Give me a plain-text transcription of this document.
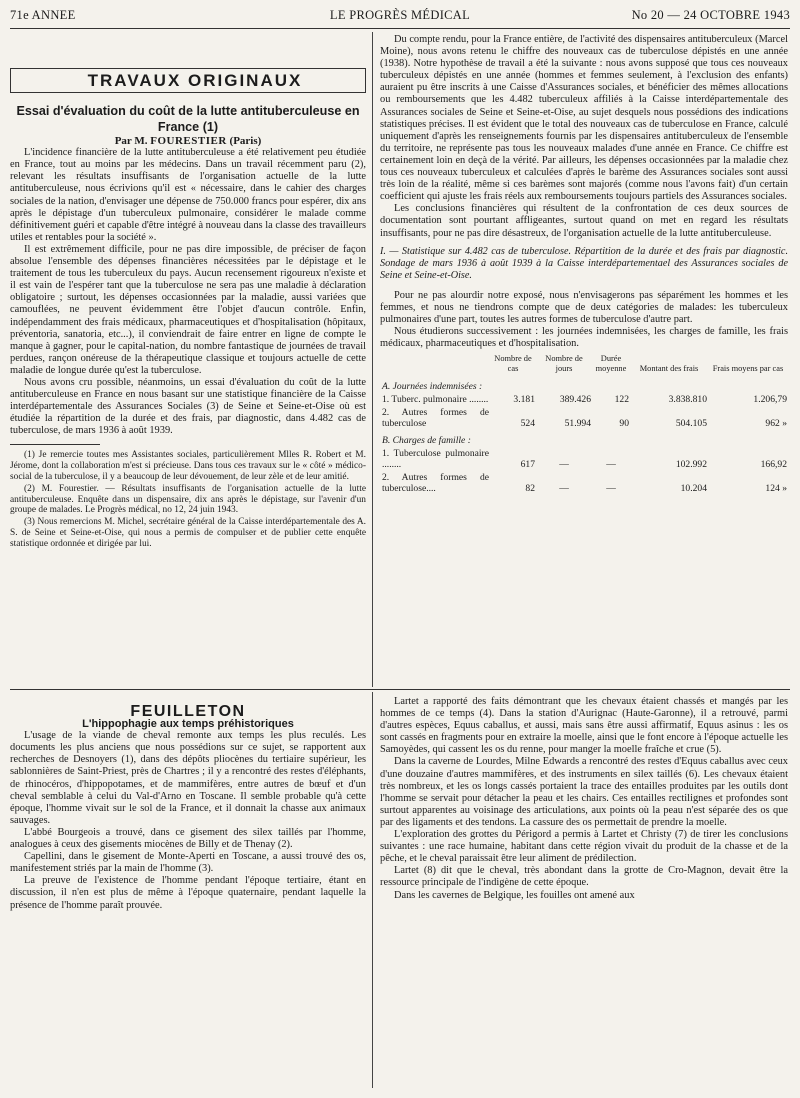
71e ANNEE	LE PROGRÈS MÉDICAL	No 20 — 24 OCTOBRE 1943

TRAVAUX ORIGINAUX

Essai d'évaluation du coût de la lutte antituberculeuse en France (1)

Par M. FOURESTIER (Paris)

L'incidence financière de la lutte antituberculeuse a été relativement peu étudiée en France, tout au moins par les médecins. Dans un travail récemment paru (2), relevant les résultats insuffisants de l'organisation actuelle de la lutte antituberculeuse, nous écrivions qu'il est « nécessaire, dans le cahier des charges sociales de la nation, d'envisager une dépense de 750.000 francs pour espérer, dix ans après le dépistage d'un tuberculeux pulmonaire, considérer le malade comme définitivement guéri et capable d'être intégré à nouveau dans la classe des travailleurs utiles et rentables pour la société ».

Il est extrêmement difficile, pour ne pas dire impossible, de préciser de façon absolue l'ensemble des dépenses financières nécessitées par le dépistage et le traitement de tous les tuberculeux du pays. Aucun recensement rigoureux n'existe et il est vain de l'espérer tant que la tuberculose ne sera pas une maladie à déclaration obligatoire ; surtout, les dépenses occasionnées par la maladie, aussi variées que camouflées, ne peuvent évidemment être l'objet d'aucun contrôle. Enfin, indépendamment des frais médicaux, pharmaceutiques et d'hospitalisation (hôpitaux, préventoria, sanatoria, etc...), il conviendrait de faire entrer en ligne de compte le manque à gagner, pour le capital-nation, du nombre fantastique de journées de travail perdues, rançon onéreuse de la thérapeutique classique et toujours actuelle de cette maladie de longue durée qu'est la tuberculose.

Nous avons cru possible, néanmoins, un essai d'évaluation du coût de la lutte antituberculeuse en France en nous basant sur une statistique financière de la Caisse interdépartementale des Assurances Sociales (3) de Seine et Seine-et-Oise où est étudiée la répartition de la durée et des frais, par diagnostic, dans 4.482 cas de tuberculose, de mars 1936 à août 1939.

(1) Je remercie toutes mes Assistantes sociales, particulièrement Mlles R. Robert et M. Jérome, dont la collaboration m'est si précieuse. Dans tous ces travaux sur le « côté » médico-social de la tuberculose, il y a beaucoup de leur dévouement, de leur zèle et de leur amitié.

(2) M. Fourestier. — Résultats insuffisants de l'organisation actuelle de la lutte antituberculeuse. Enquête dans un dispensaire, dix ans après le dépistage, sur l'avenir d'un groupe de malades. Le Progrès médical, no 12, 24 juin 1943.

(3) Nous remercions M. Michel, secrétaire général de la Caisse interdépartementale des A. S. de Seine et Seine-et-Oise, qui nous a permis de compulser et de publier cette enquête statistique ordonnée et dirigée par lui.

Du compte rendu, pour la France entière, de l'activité des dispensaires antituberculeux (Marcel Moine), nous avons retenu le chiffre des nouveaux cas de tuberculose dépistés en une année (1938). Notre hypothèse de travail a été la suivante : nous avons supposé que tous ces nouveaux tuberculeux dépistés en une année (hommes et femmes seulement, à l'exclusion des enfants) auraient pu être inscrits à une Caisse d'Assurances sociales, et bénéficier des mêmes allocations ou remboursements que les 4.482 tuberculeux affiliés à la Caisse interdépartementale des Assurances sociales de Seine et Seine-et-Oise, au sujet desquels nous possédions des indications statistiques précises. Il est évident que le total des nouveaux cas de tuberculose en France, calculé uniquement d'après les renseignements fournis par les dispensaires antituberculeux de l'ensemble du territoire, ne représente pas tous les nouveaux malades d'une année en France. Ce chiffre est certainement loin en deçà de la vérité. Par ailleurs, les dépenses occasionnées par la maladie chez tous ces nouveaux tuberculeux et calculées d'après le barème des Assurances sociales sont aussi très loin de la réalité, même si ces barèmes sont majorés (comme nous l'avons fait) d'un certain coefficient qui ajuste les frais réels aux remboursements toujours partiels des Assurances sociales.

Les conclusions financières qui résultent de la confrontation de ces deux sources de documentation sont pourtant affligeantes, surtout quand on met en regard les résultats insuffisants, pour ne pas dire désastreux, de l'organisation actuelle de la lutte antituberculeuse.

I. — Statistique sur 4.482 cas de tuberculose. Répartition de la durée et des frais par diagnostic. Sondage de mars 1936 à août 1939 à la Caisse interdépartementael des Assurances sociales de Seine et Seine-et-Oise.

Pour ne pas alourdir notre exposé, nous n'envisagerons pas séparément les hommes et les femmes, et nous ne tiendrons compte que de deux catégories de malades: les tuberculeux pulmonaires d'une part, toutes les autres formes de tuberculose d'autre part.

Nous étudierons successivement : les journées indemnisées, les charges de famille, les frais médicaux, pharmaceutiques et d'hospitalisation.

	Nombre de cas	Nombre de jours	Durée moyenne	Montant des frais	Frais moyens par cas
A. Journées indemnisées :					
1. Tuberc. pulmonaire ........	3.181	389.426	122	3.838.810	1.206,79
2. Autres formes de tuberculose	524	51.994	90	504.105	962 »
B. Charges de famille :					
1. Tuberculose pulmonaire ........	617	—	—	102.992	166,92
2. Autres formes de tuberculose....	82	—	—	10.204	124 »

FEUILLETON

L'hippophagie aux temps préhistoriques

L'usage de la viande de cheval remonte aux temps les plus reculés. Les documents les plus anciens que nous possédions sur ce sujet, se rapportent aux recherches de Desnoyers (1), dans des dépôts pliocènes du tertiaire supérieur, les sablonnières de Saint-Priest, près de Chartres ; il y a rencontré des restes d'éléphants, de rhinocéros, d'hippopotames, et de mammifères, entre autres de bœuf et d'un cheval semblable à celui du Val-d'Arno en Toscane. Il semble probable qu'à cette époque, l'homme vivait sur le sol de la France, et il donnait la chasse aux animaux sauvages.

L'abbé Bourgeois a trouvé, dans ce gisement des silex taillés par l'homme, analogues à ceux des gisements miocènes de Billy et de Thenay (2).

Capellini, dans le gisement de Monte-Aperti en Toscane, a aussi trouvé des os, manifestement striés par la main de l'homme (3).

La preuve de l'existence de l'homme pendant l'époque tertiaire, étant en discussion, il n'en est plus de même à l'époque quaternaire, pendant laquelle la présence de l'homme paraît prouvée.

Lartet a rapporté des faits démontrant que les chevaux étaient chassés et mangés par les hommes de ce temps (4). Dans la station d'Aurignac (Haute-Garonne), il a retrouvé, parmi d'autres espèces, Equus caballus, et aussi, mais sans être aussi affirmatif, Equus asinus : les os sont cassés en fragments pour en extraire la moelle, ainsi que le font encore à l'époque actuelle les Samoyèdes, qui cassent les os du renne, pour manger la moelle fraîche et crue (5).

Dans la caverne de Lourdes, Milne Edwards a rencontré des restes d'Equus caballus avec ceux d'une douzaine d'autres mammifères, et des instruments en silex taillés (6). Les chevaux étaient très nombreux, et les os longs cassés portaient la trace des entailles produites par les outils dont l'homme se servait pour détacher la peau et les chairs. Ces entailles rectilignes et profondes sont surtout apparentes au voisinage des articulations, aux points où la peau n'est séparée des os que par des ligaments et des tendons. La cassure des os permettait de prendre la moelle.

L'exploration des grottes du Périgord a permis à Lartet et Christy (7) de tirer les conclusions suivantes : une race humaine, habitant dans cette région vivait du produit de la chasse et de la pêche, et le cheval paraissait être leur aliment de prédilection.

Lartet (8) dit que le cheval, très abondant dans la grotte de Cro-Magnon, devait être la ressource principale de l'indigène de cette époque.

Dans les cavernes de Belgique, les fouilles ont amené aux
